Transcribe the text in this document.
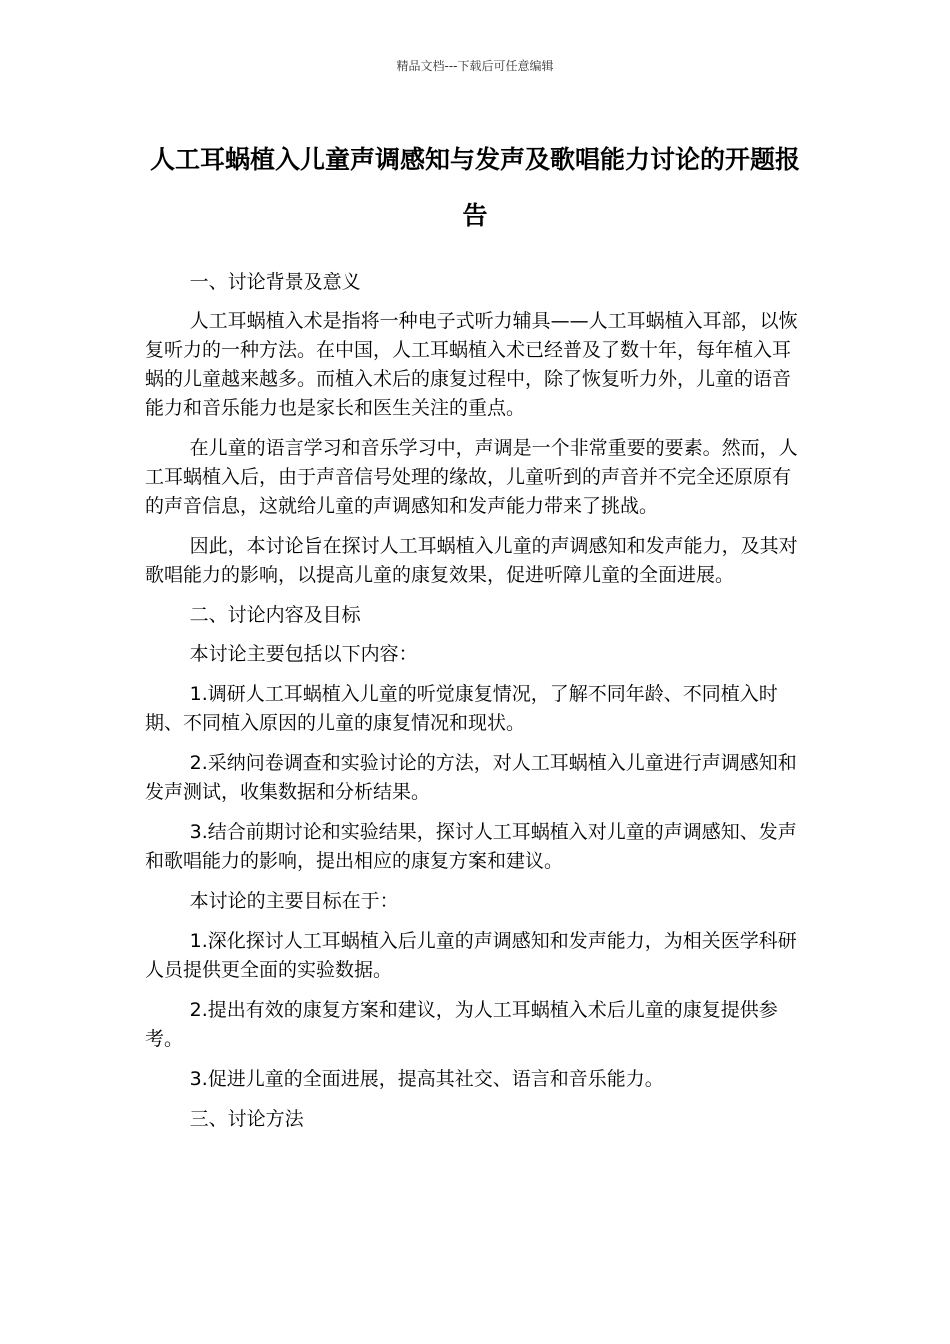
精品文档---下载后可任意编辑
人工耳蜗植入儿童声调感知与发声及歌唱能力讨论的开题报告

一、讨论背景及意义

人工耳蜗植入术是指将一种电子式听力辅具——人工耳蜗植入耳部，以恢复听力的一种方法。在中国，人工耳蜗植入术已经普及了数十年，每年植入耳蜗的儿童越来越多。而植入术后的康复过程中，除了恢复听力外，儿童的语音能力和音乐能力也是家长和医生关注的重点。

在儿童的语言学习和音乐学习中，声调是一个非常重要的要素。然而，人工耳蜗植入后，由于声音信号处理的缘故，儿童听到的声音并不完全还原原有的声音信息，这就给儿童的声调感知和发声能力带来了挑战。

因此，本讨论旨在探讨人工耳蜗植入儿童的声调感知和发声能力，及其对歌唱能力的影响，以提高儿童的康复效果，促进听障儿童的全面进展。

二、讨论内容及目标

本讨论主要包括以下内容：

1.调研人工耳蜗植入儿童的听觉康复情况，了解不同年龄、不同植入时期、不同植入原因的儿童的康复情况和现状。

2.采纳问卷调查和实验讨论的方法，对人工耳蜗植入儿童进行声调感知和发声测试，收集数据和分析结果。

3.结合前期讨论和实验结果，探讨人工耳蜗植入对儿童的声调感知、发声和歌唱能力的影响，提出相应的康复方案和建议。

本讨论的主要目标在于：

1.深化探讨人工耳蜗植入后儿童的声调感知和发声能力，为相关医学科研人员提供更全面的实验数据。

2.提出有效的康复方案和建议，为人工耳蜗植入术后儿童的康复提供参考。

3.促进儿童的全面进展，提高其社交、语言和音乐能力。

三、讨论方法
